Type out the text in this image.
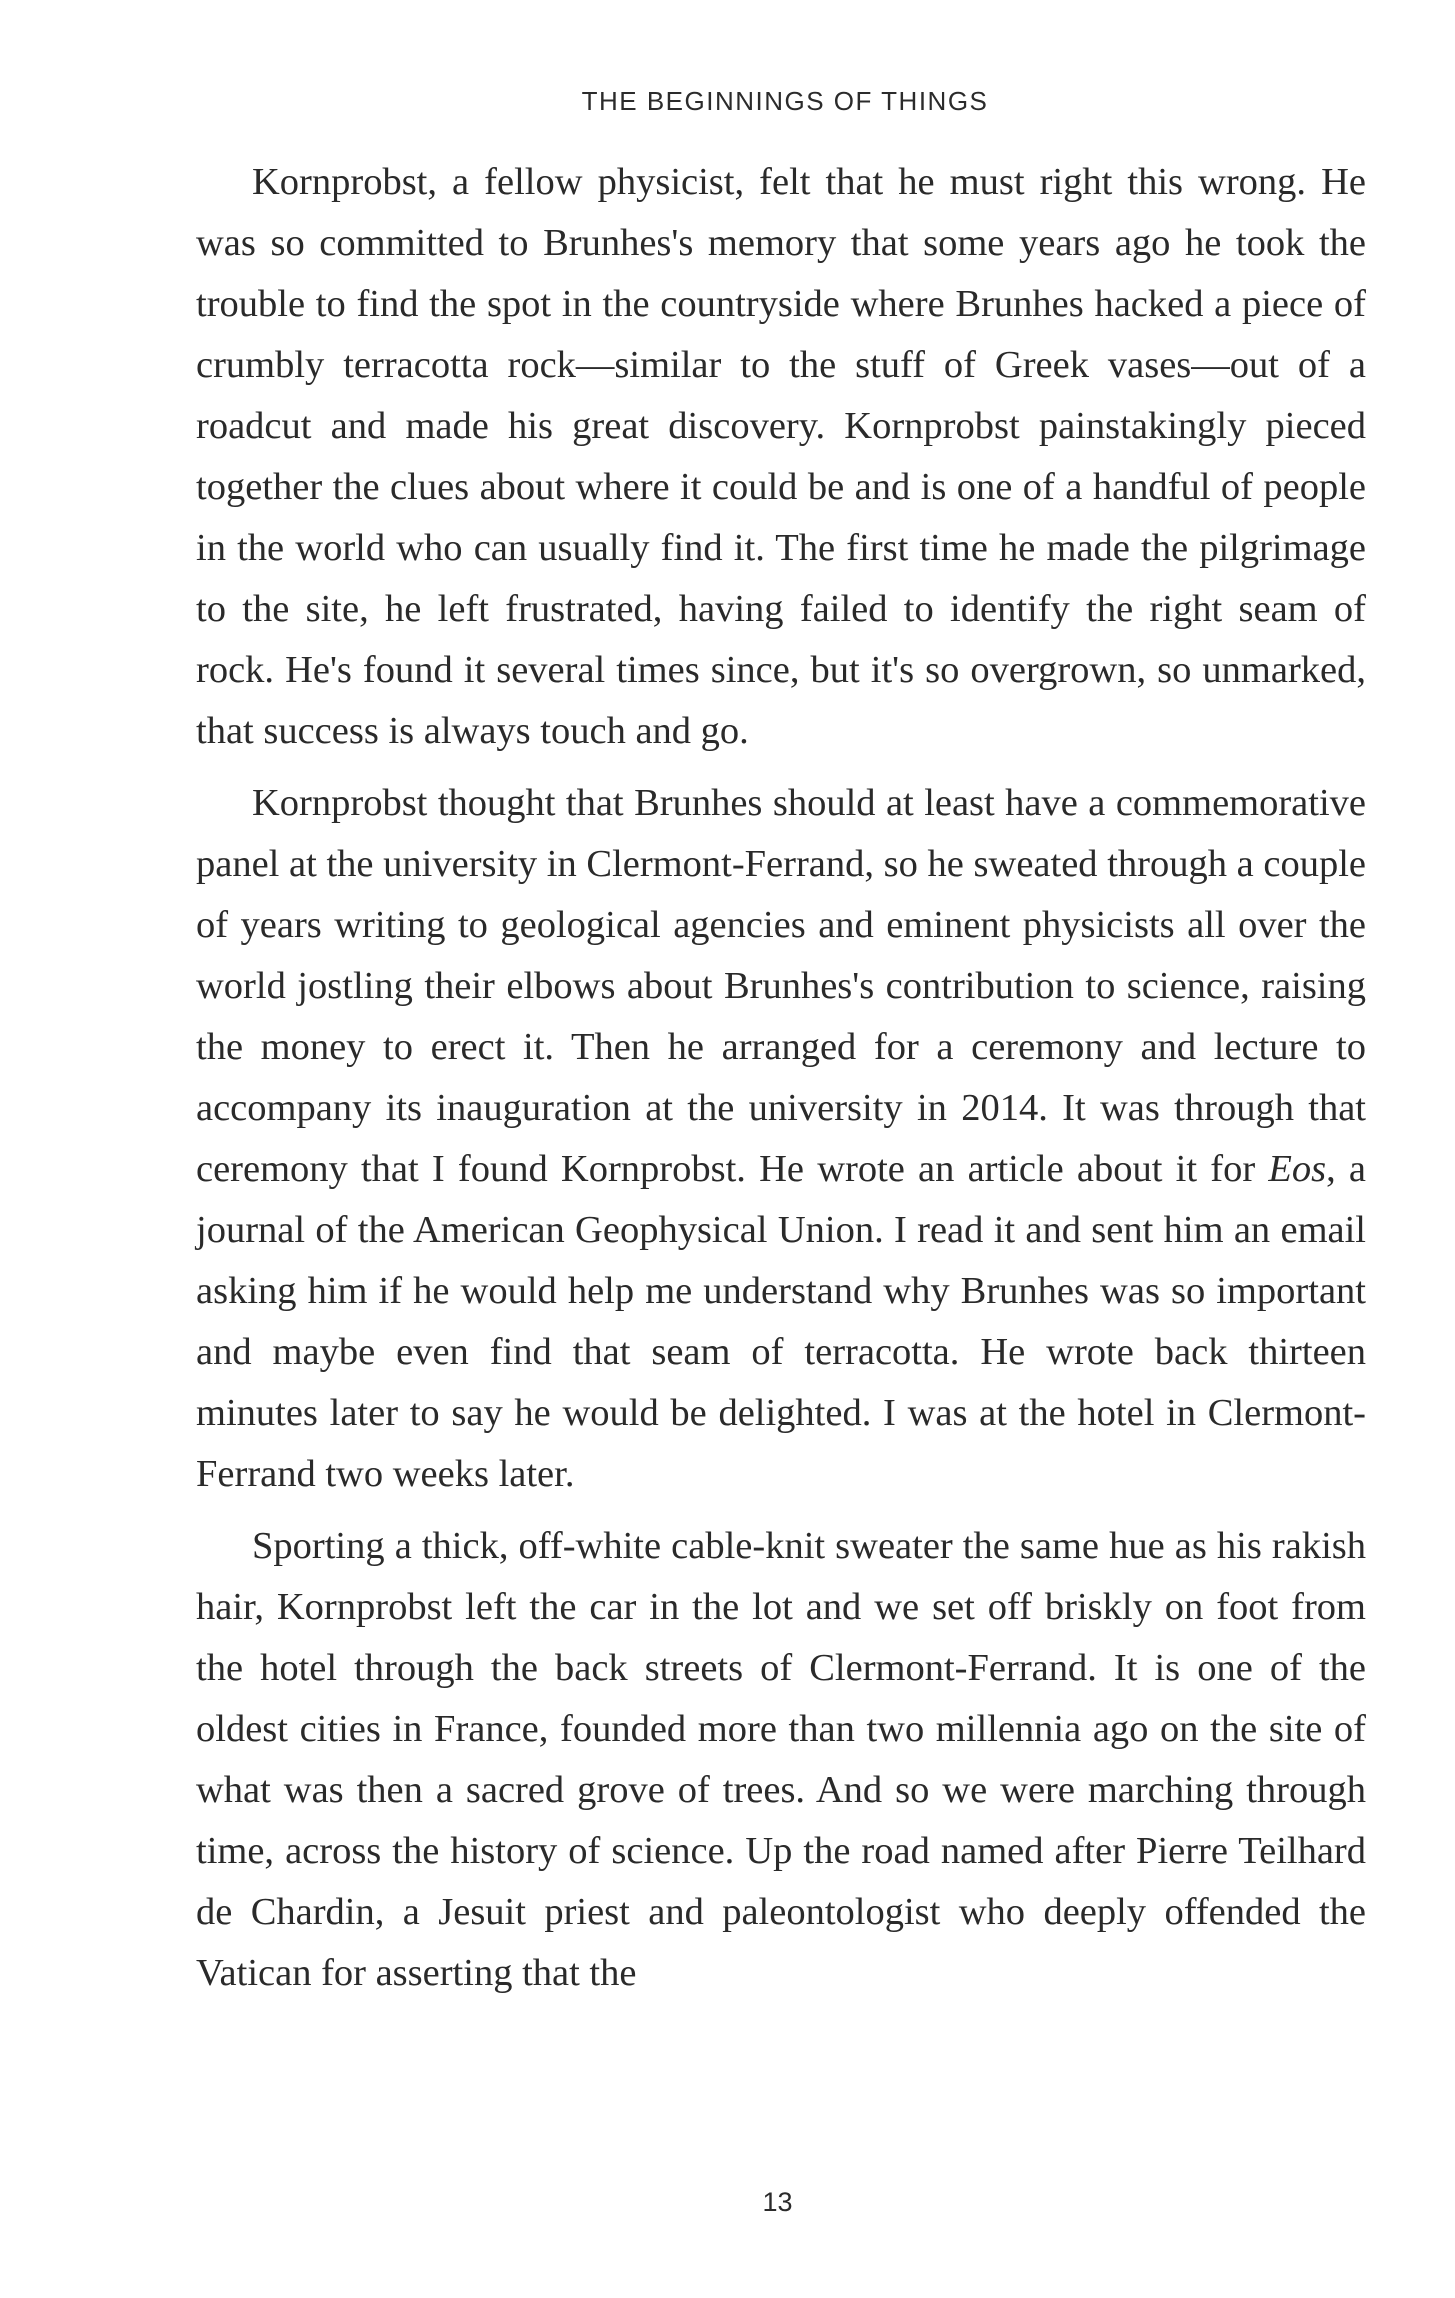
THE BEGINNINGS OF THINGS

Kornprobst, a fellow physicist, felt that he must right this wrong. He was so committed to Brunhes's memory that some years ago he took the trouble to find the spot in the countryside where Brunhes hacked a piece of crumbly terracotta rock—similar to the stuff of Greek vases—out of a roadcut and made his great discovery. Kornprobst painstakingly pieced together the clues about where it could be and is one of a handful of people in the world who can usually find it. The first time he made the pilgrimage to the site, he left frustrated, having failed to identify the right seam of rock. He's found it several times since, but it's so overgrown, so unmarked, that success is always touch and go.

Kornprobst thought that Brunhes should at least have a commemorative panel at the university in Clermont-Ferrand, so he sweated through a couple of years writing to geological agencies and eminent physicists all over the world jostling their elbows about Brunhes's contribution to science, raising the money to erect it. Then he arranged for a ceremony and lecture to accompany its inauguration at the university in 2014. It was through that ceremony that I found Kornprobst. He wrote an article about it for Eos, a journal of the American Geophysical Union. I read it and sent him an email asking him if he would help me understand why Brunhes was so important and maybe even find that seam of terracotta. He wrote back thirteen minutes later to say he would be delighted. I was at the hotel in Clermont-Ferrand two weeks later.

Sporting a thick, off-white cable-knit sweater the same hue as his rakish hair, Kornprobst left the car in the lot and we set off briskly on foot from the hotel through the back streets of Clermont-Ferrand. It is one of the oldest cities in France, founded more than two millennia ago on the site of what was then a sacred grove of trees. And so we were marching through time, across the history of science. Up the road named after Pierre Teilhard de Chardin, a Jesuit priest and paleontologist who deeply offended the Vatican for asserting that the

13
